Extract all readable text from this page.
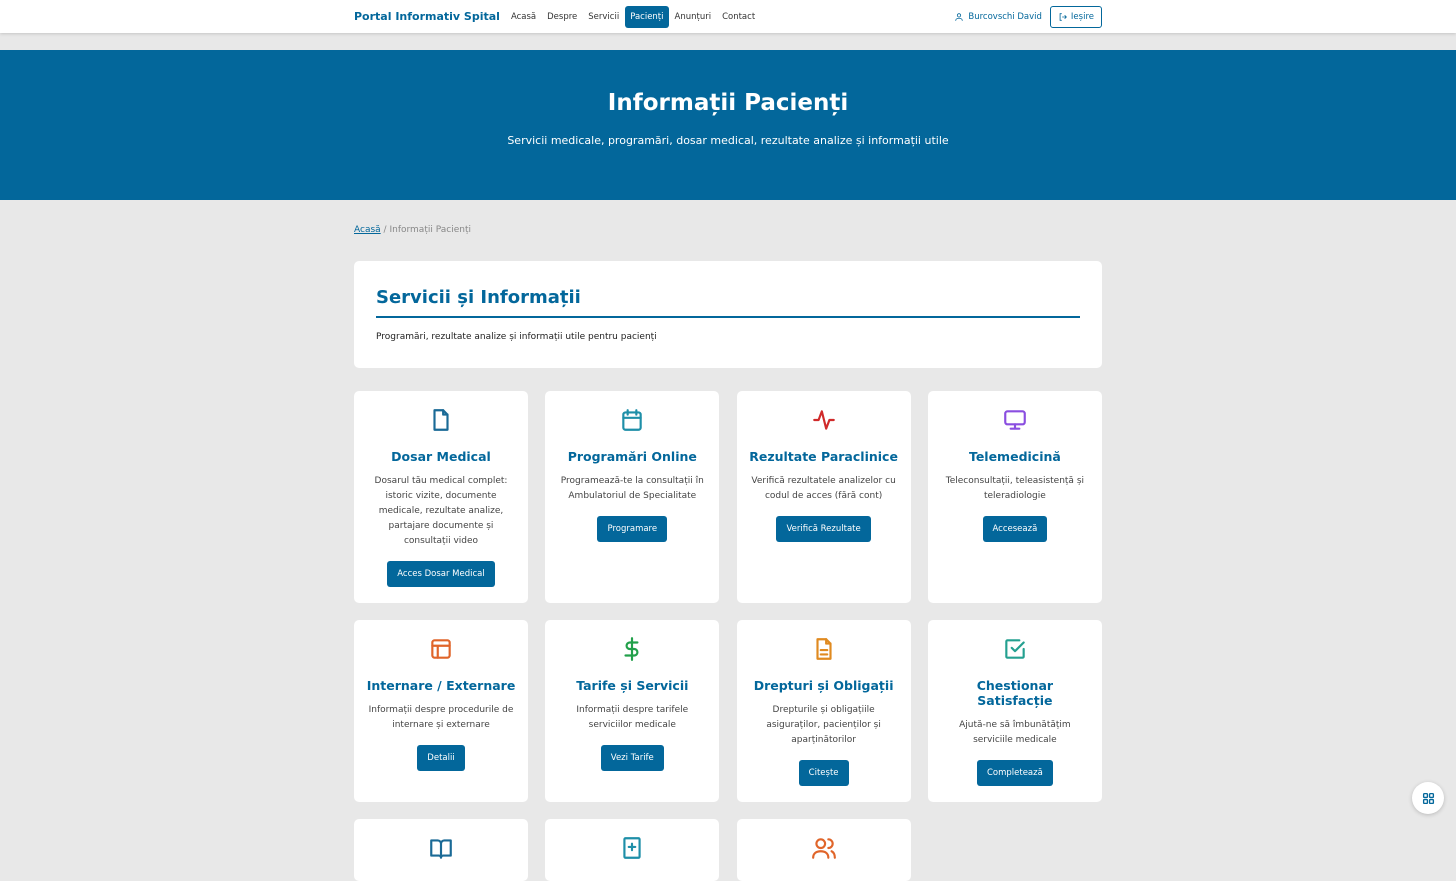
Portal Informativ Spital	Acasă	Despre	Servicii	Pacienți	Anunțuri	Contact	Burcovschi David	Ieșire
Informații Pacienți

Servicii medicale, programări, dosar medical, rezultate analize și informații utile

Acasă / Informații Pacienți
Servicii și Informații

Programări, rezultate analize și informații utile pentru pacienți

Dosar Medical

Dosarul tău medical complet: istoric vizite, documente medicale, rezultate analize, partajare documente și consultații video

Acces Dosar Medical
Programări Online

Programează-te la consultații în Ambulatoriul de Specialitate

Programare
Rezultate Paraclinice

Verifică rezultatele analizelor cu codul de acces (fără cont)

Verifică Rezultate
Telemedicină

Teleconsultații, teleasistență și teleradiologie

Accesează
Internare / Externare

Informații despre procedurile de internare și externare

Detalii
Tarife și Servicii

Informații despre tarifele serviciilor medicale

Vezi Tarife
Drepturi și Obligații

Drepturile și obligațiile asiguraților, pacienților și aparținătorilor

Citește
Chestionar Satisfacție

Ajută-ne să îmbunătățim serviciile medicale

Completează
